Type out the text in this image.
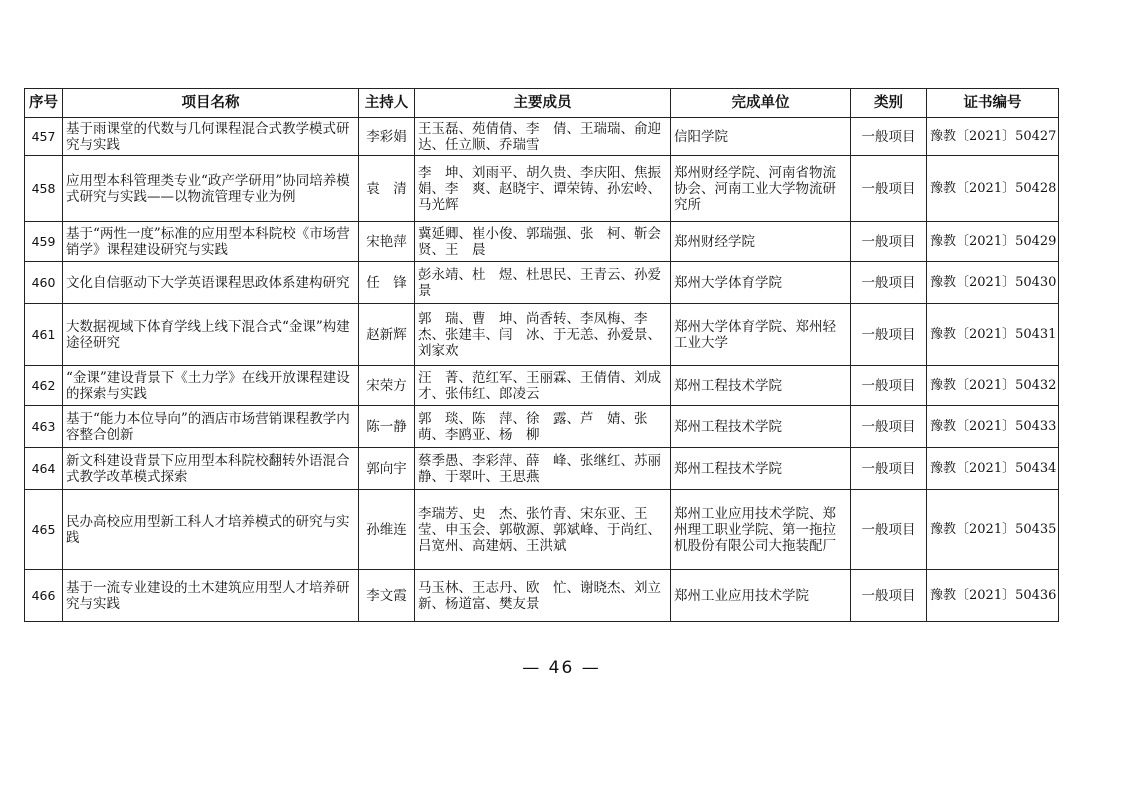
序号	项目名称	主持人	主要成员	完成单位	类别	证书编号
457	基于雨课堂的代数与几何课程混合式教学模式研究与实践	李彩娟	王玉磊、苑倩倩、李　倩、王瑞瑞、俞迎达、任立顺、乔瑞雪	信阳学院	一般项目	豫教〔2021〕50427
458	应用型本科管理类专业“政产学研用”协同培养模式研究与实践——以物流管理专业为例	袁　清	李　坤、刘雨平、胡久贵、李庆阳、焦振娟、李　爽、赵晓宇、谭荣铸、孙宏岭、马光辉	郑州财经学院、河南省物流协会、河南工业大学物流研究所	一般项目	豫教〔2021〕50428
459	基于“两性一度”标准的应用型本科院校《市场营销学》课程建设研究与实践	宋艳萍	冀延卿、崔小俊、郭瑞强、张　柯、靳会贤、王　晨	郑州财经学院	一般项目	豫教〔2021〕50429
460	文化自信驱动下大学英语课程思政体系建构研究	任　锋	彭永靖、杜　煜、杜思民、王青云、孙爱景	郑州大学体育学院	一般项目	豫教〔2021〕50430
461	大数据视域下体育学线上线下混合式“金课”构建途径研究	赵新辉	郭　瑞、曹　坤、尚香转、李凤梅、李　杰、张建丰、闫　冰、于无恙、孙爱景、刘家欢	郑州大学体育学院、郑州轻工业大学	一般项目	豫教〔2021〕50431
462	“金课”建设背景下《土力学》在线开放课程建设的探索与实践	宋荣方	汪　菁、范红军、王丽霖、王倩倩、刘成才、张伟红、郎凌云	郑州工程技术学院	一般项目	豫教〔2021〕50432
463	基于“能力本位导向”的酒店市场营销课程教学内容整合创新	陈一静	郭　琰、陈　萍、徐　露、芦　婧、张　萌、李鸥亚、杨　柳	郑州工程技术学院	一般项目	豫教〔2021〕50433
464	新文科建设背景下应用型本科院校翻转外语混合式教学改革模式探索	郭向宇	蔡季愚、李彩萍、薛　峰、张继红、苏丽静、于翠叶、王思燕	郑州工程技术学院	一般项目	豫教〔2021〕50434
465	民办高校应用型新工科人才培养模式的研究与实践	孙维连	李瑞芳、史　杰、张竹青、宋东亚、王　莹、申玉会、郭敬源、郭斌峰、于尚红、吕宽州、高建炳、王洪斌	郑州工业应用技术学院、郑州理工职业学院、第一拖拉机股份有限公司大拖装配厂	一般项目	豫教〔2021〕50435
466	基于一流专业建设的土木建筑应用型人才培养研究与实践	李文霞	马玉林、王志丹、欧　忙、谢晓杰、刘立新、杨道富、樊友景	郑州工业应用技术学院	一般项目	豫教〔2021〕50436
— 46 —
